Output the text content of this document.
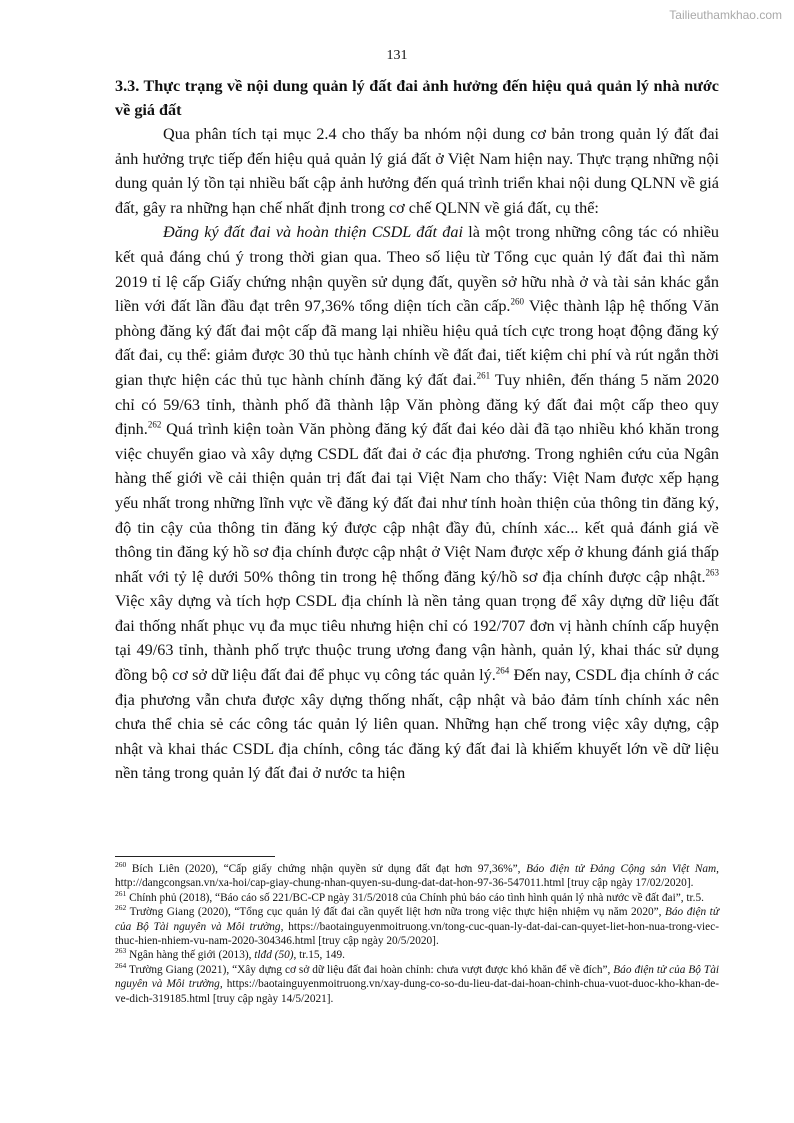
Tailieuthamkhao.com
131

3.3. Thực trạng về nội dung quản lý đất đai ảnh hưởng đến hiệu quả quản lý nhà nước về giá đất

Qua phân tích tại mục 2.4 cho thấy ba nhóm nội dung cơ bản trong quản lý đất đai ảnh hưởng trực tiếp đến hiệu quả quản lý giá đất ở Việt Nam hiện nay. Thực trạng những nội dung quản lý tồn tại nhiều bất cập ảnh hưởng đến quá trình triển khai nội dung QLNN về giá đất, gây ra những hạn chế nhất định trong cơ chế QLNN về giá đất, cụ thể:

Đăng ký đất đai và hoàn thiện CSDL đất đai là một trong những công tác có nhiều kết quả đáng chú ý trong thời gian qua. Theo số liệu từ Tổng cục quản lý đất đai thì năm 2019 tỉ lệ cấp Giấy chứng nhận quyền sử dụng đất, quyền sở hữu nhà ở và tài sản khác gắn liền với đất lần đầu đạt trên 97,36% tổng diện tích cần cấp.$^{260}$ Việc thành lập hệ thống Văn phòng đăng ký đất đai một cấp đã mang lại nhiều hiệu quả tích cực trong hoạt động đăng ký đất đai, cụ thể: giảm được 30 thủ tục hành chính về đất đai, tiết kiệm chi phí và rút ngắn thời gian thực hiện các thủ tục hành chính đăng ký đất đai.$^{261}$ Tuy nhiên, đến tháng 5 năm 2020 chỉ có 59/63 tỉnh, thành phố đã thành lập Văn phòng đăng ký đất đai một cấp theo quy định.$^{262}$ Quá trình kiện toàn Văn phòng đăng ký đất đai kéo dài đã tạo nhiều khó khăn trong việc chuyển giao và xây dựng CSDL đất đai ở các địa phương. Trong nghiên cứu của Ngân hàng thế giới về cải thiện quản trị đất đai tại Việt Nam cho thấy: Việt Nam được xếp hạng yếu nhất trong những lĩnh vực về đăng ký đất đai như tính hoàn thiện của thông tin đăng ký, độ tin cậy của thông tin đăng ký được cập nhật đầy đủ, chính xác... kết quả đánh giá về thông tin đăng ký hồ sơ địa chính được cập nhật ở Việt Nam được xếp ở khung đánh giá thấp nhất với tỷ lệ dưới 50% thông tin trong hệ thống đăng ký/hồ sơ địa chính được cập nhật.$^{263}$ Việc xây dựng và tích hợp CSDL địa chính là nền tảng quan trọng để xây dựng dữ liệu đất đai thống nhất phục vụ đa mục tiêu nhưng hiện chỉ có 192/707 đơn vị hành chính cấp huyện tại 49/63 tỉnh, thành phố trực thuộc trung ương đang vận hành, quản lý, khai thác sử dụng đồng bộ cơ sở dữ liệu đất đai để phục vụ công tác quản lý.$^{264}$ Đến nay, CSDL địa chính ở các địa phương vẫn chưa được xây dựng thống nhất, cập nhật và bảo đảm tính chính xác nên chưa thể chia sẻ các công tác quản lý liên quan. Những hạn chế trong việc xây dựng, cập nhật và khai thác CSDL địa chính, công tác đăng ký đất đai là khiếm khuyết lớn về dữ liệu nền tảng trong quản lý đất đai ở nước ta hiện

$^{260}$ Bích Liên (2020), “Cấp giấy chứng nhận quyền sử dụng đất đạt hơn 97,36%”, Báo điện tử Đảng Cộng sản Việt Nam, http://dangcongsan.vn/xa-hoi/cap-giay-chung-nhan-quyen-su-dung-dat-dat-hon-97-36-547011.html [truy cập ngày 17/02/2020].

$^{261}$ Chính phủ (2018), “Báo cáo số 221/BC-CP ngày 31/5/2018 của Chính phủ báo cáo tình hình quản lý nhà nước về đất đai”, tr.5.

$^{262}$ Trường Giang (2020), “Tổng cục quản lý đất đai cần quyết liệt hơn nữa trong việc thực hiện nhiệm vụ năm 2020”, Báo điện tử của Bộ Tài nguyên và Môi trường, https://baotainguyenmoitruong.vn/tong-cuc-quan-ly-dat-dai-can-quyet-liet-hon-nua-trong-viec-thuc-hien-nhiem-vu-nam-2020-304346.html [truy cập ngày 20/5/2020].

$^{263}$ Ngân hàng thế giới (2013), tlđd (50), tr.15, 149.

$^{264}$ Trường Giang (2021), “Xây dựng cơ sở dữ liệu đất đai hoàn chỉnh: chưa vượt được khó khăn để về đích”, Báo điện tử của Bộ Tài nguyên và Môi trường, https://baotainguyenmoitruong.vn/xay-dung-co-so-du-lieu-dat-dai-hoan-chinh-chua-vuot-duoc-kho-khan-de-ve-dich-319185.html [truy cập ngày 14/5/2021].
